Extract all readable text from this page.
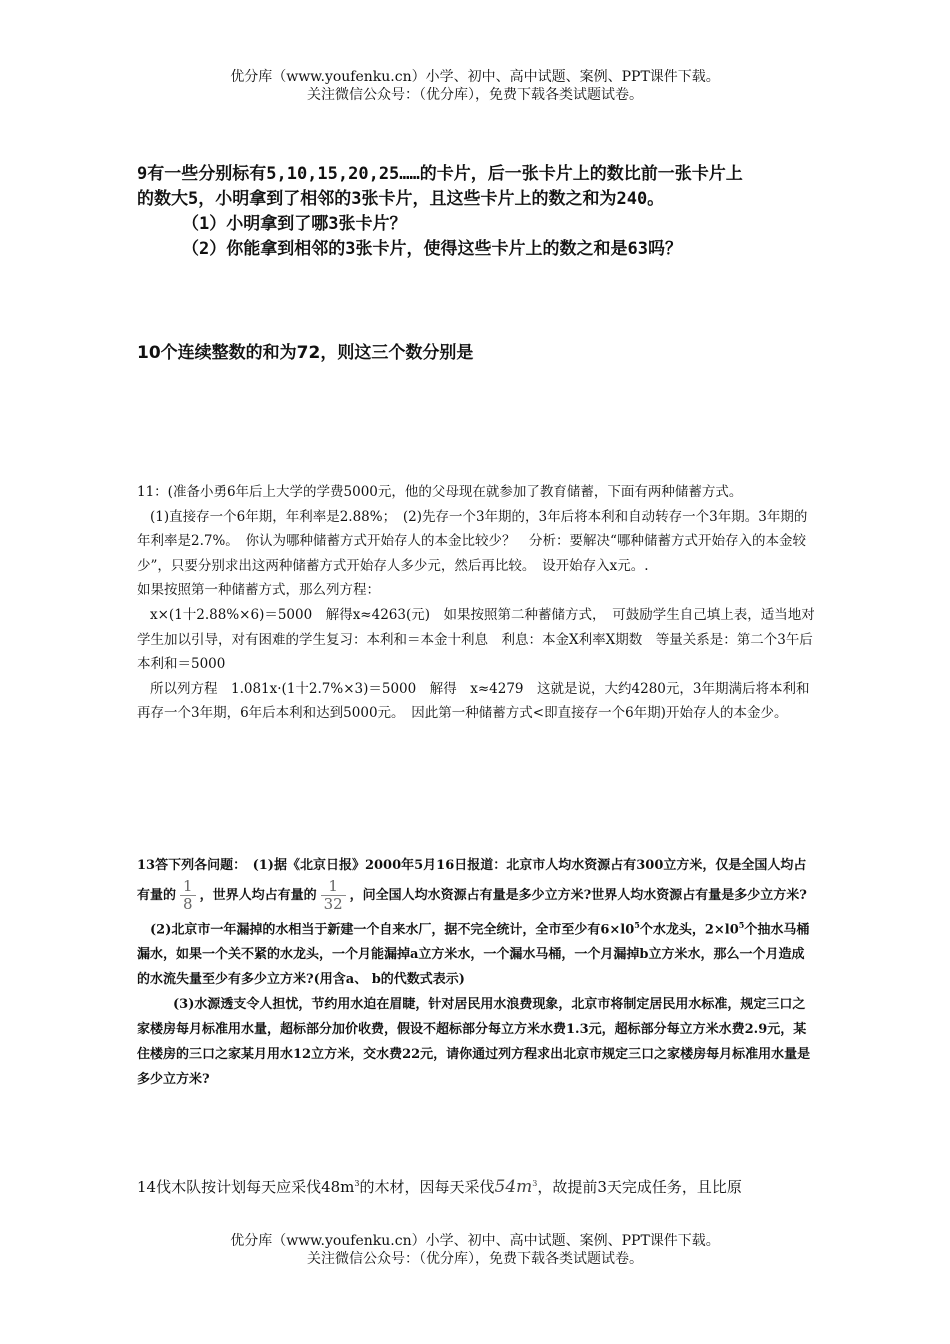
优分库（www.youfenku.cn）小学、初中、高中试题、案例、PPT课件下载。
关注微信公众号：（优分库），免费下载各类试题试卷。
9有一些分别标有5,10,15,20,25……的卡片，后一张卡片上的数比前一张卡片上
的数大5，小明拿到了相邻的3张卡片，且这些卡片上的数之和为240。
（1）小明拿到了哪3张卡片？
（2）你能拿到相邻的3张卡片，使得这些卡片上的数之和是63吗？
10个连续整数的和为72，则这三个数分别是

11：(准备小勇6年后上大学的学费5000元，他的父母现在就参加了教育储蓄，下面有两种储蓄方式。

(1)直接存一个6年期，年利率是2.88%；　(2)先存一个3年期的，3年后将本利和自动转存一个3年期。3年期的年利率是2.7%。　你认为哪种储蓄方式开始存人的本金比较少？　分析：要解决“哪种储蓄方式开始存入的本金较少”，只要分别求出这两种储蓄方式开始存人多少元，然后再比较。　设开始存入x元。.

如果按照第一种储蓄方式，那么列方程：

x×(1十2.88%×6)＝5000　解得x≈4263(元)　如果按照第二种蓄储方式，　可鼓励学生自己填上表，适当地对学生加以引导，对有困难的学生复习：本利和＝本金十利息　利息：本金X利率X期数　等量关系是：第二个3午后本利和＝5000

所以列方程　1.081x·(1十2.7%×3)＝5000　解得　x≈4279　这就是说，大约4280元，3年期满后将本利和再存一个3年期，6年后本利和达到5000元。　因此第一种储蓄方式<即直接存一个6年期)开始存人的本金少。

13答下列各问题：　(1)据《北京日报》2000年5月16日报道：北京市人均水资源占有300立方米，仅是全国人均占有量的 $\frac{1}{8}$ ，世界人均占有量的 $\frac{1}{32}$ ，问全国人均水资源占有量是多少立方米?世界人均水资源占有量是多少立方米?

(2)北京市一年漏掉的水相当于新建一个自来水厂，据不完全统计，全市至少有$6\times l0^5$个水龙头，$2\times l0^5$个抽水马桶漏水，如果一个关不紧的水龙头，一个月能漏掉a立方米水，一个漏水马桶，一个月漏掉b立方米水，那么一个月造成的水流失量至少有多少立方米?(用含a、 b的代数式表示)

(3)水源透支令人担忧，节约用水迫在眉睫，针对居民用水浪费现象，北京市将制定居民用水标准，规定三口之家楼房每月标准用水量，超标部分加价收费，假设不超标部分每立方米水费1.3元，超标部分每立方米水费2.9元，某住楼房的三口之家某月用水12立方米，交水费22元，请你通过列方程求出北京市规定三口之家楼房每月标准用水量是多少立方米?

14伐木队按计划每天应采伐$48m^3$的木材，因每天采伐$54m^3$，故提前3天完成任务，且比原
优分库（www.youfenku.cn）小学、初中、高中试题、案例、PPT课件下载。
关注微信公众号：（优分库），免费下载各类试题试卷。
